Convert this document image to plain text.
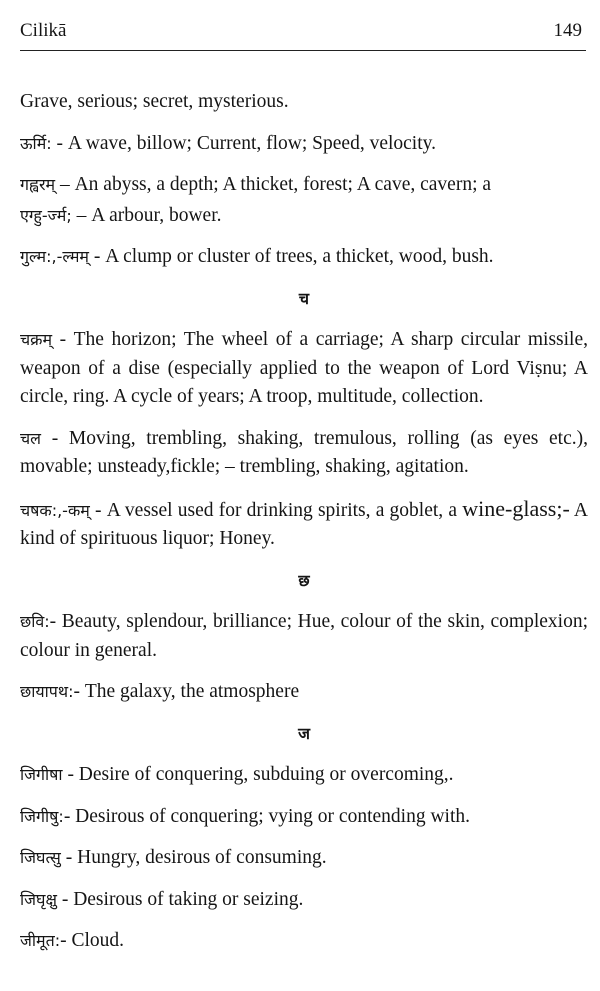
Cilikā	149

Grave, serious; secret, mysterious.

ऊर्मि: - A wave, billow; Current, flow; Speed, velocity.

गह्वरम् – An abyss, a depth; A thicket, forest; A cave, cavern; a

एग्हु-र्ज्म; – A arbour, bower.

गुल्म:,-ल्मम् - A clump or cluster of trees, a thicket, wood, bush.

च

चक्रम् - The horizon; The wheel of a carriage; A sharp circular missile, weapon of a dise (especially applied to the weapon of Lord Viṣnu; A circle, ring. A cycle of years; A troop, multitude, collection.

चल - Moving, trembling, shaking, tremulous, rolling (as eyes etc.), movable; unsteady,fickle; – trembling, shaking, agitation.

चषक:,-कम् - A vessel used for drinking spirits, a goblet, a wine-glass;- A kind of spirituous liquor; Honey.

छ

छवि:- Beauty, splendour, brilliance; Hue, colour of the skin, complexion; colour in general.

छायापथ:- The galaxy, the atmosphere

ज

जिगीषा - Desire of conquering, subduing or overcoming,.

जिगीषु:- Desirous of conquering; vying or contending with.

जिघत्सु - Hungry, desirous of consuming.

जिघृक्षु - Desirous of taking or seizing.

जीमूत:- Cloud.
